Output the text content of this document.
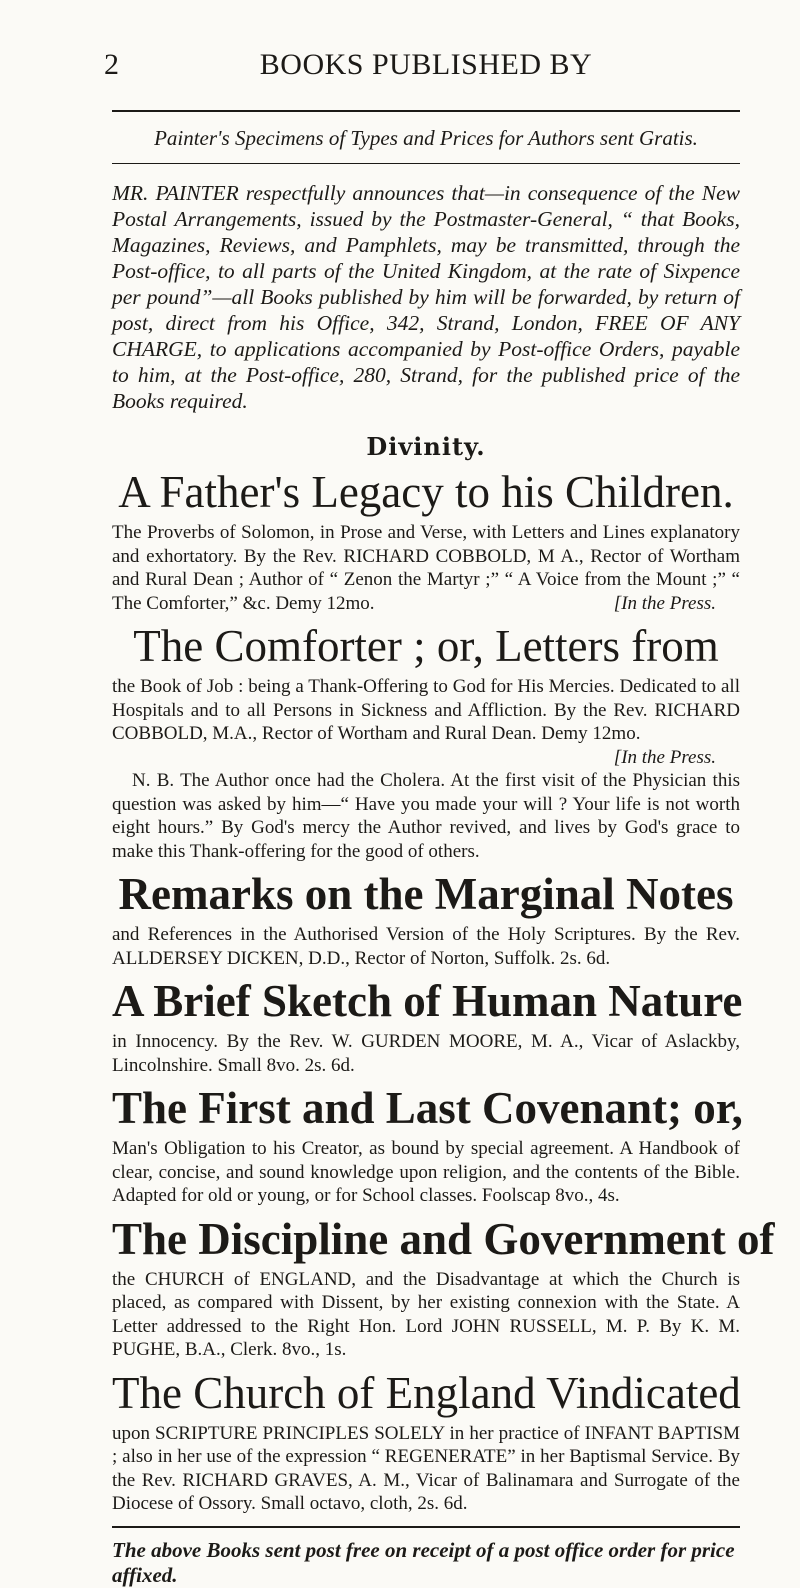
2	BOOKS PUBLISHED BY
Painter's Specimens of Types and Prices for Authors sent Gratis.

MR. PAINTER respectfully announces that—in consequence of the New Postal Arrangements, issued by the Postmaster-General, “ that Books, Magazines, Reviews, and Pamphlets, may be transmitted, through the Post-office, to all parts of the United Kingdom, at the rate of Sixpence per pound”—all Books published by him will be forwarded, by return of post, direct from his Office, 342, Strand, London, FREE OF ANY CHARGE, to applications accompanied by Post-office Orders, payable to him, at the Post-office, 280, Strand, for the published price of the Books required.

Divinity.
A Father's Legacy to his Children.
The Proverbs of Solomon, in Prose and Verse, with Letters and Lines explanatory and exhortatory. By the Rev. RICHARD COBBOLD, M A., Rector of Wortham and Rural Dean ; Author of “ Zenon the Martyr ;” “ A Voice from the Mount ;” “ The Comforter,” &c. Demy 12mo.	[In the Press.
The Comforter ; or, Letters from
the Book of Job : being a Thank-Offering to God for His Mercies. Dedicated to all Hospitals and to all Persons in Sickness and Affliction. By the Rev. RICHARD COBBOLD, M.A., Rector of Wortham and Rural Dean. Demy 12mo.
[In the Press.
N. B. The Author once had the Cholera. At the first visit of the Physician this question was asked by him—“ Have you made your will ? Your life is not worth eight hours.” By God's mercy the Author revived, and lives by God's grace to make this Thank-offering for the good of others.
Remarks on the Marginal Notes
and References in the Authorised Version of the Holy Scriptures. By the Rev. ALLDERSEY DICKEN, D.D., Rector of Norton, Suffolk. 2s. 6d.
A Brief Sketch of Human Nature
in Innocency. By the Rev. W. GURDEN MOORE, M. A., Vicar of Aslackby, Lincolnshire. Small 8vo. 2s. 6d.
The First and Last Covenant; or,
Man's Obligation to his Creator, as bound by special agreement. A Handbook of clear, concise, and sound knowledge upon religion, and the contents of the Bible. Adapted for old or young, or for School classes. Foolscap 8vo., 4s.
The Discipline and Government of
the CHURCH of ENGLAND, and the Disadvantage at which the Church is placed, as compared with Dissent, by her existing connexion with the State. A Letter addressed to the Right Hon. Lord JOHN RUSSELL, M. P. By K. M. PUGHE, B.A., Clerk. 8vo., 1s.
The Church of England Vindicated
upon SCRIPTURE PRINCIPLES SOLELY in her practice of INFANT BAPTISM ; also in her use of the expression “ REGENERATE” in her Baptismal Service. By the Rev. RICHARD GRAVES, A. M., Vicar of Balinamara and Surrogate of the Diocese of Ossory. Small octavo, cloth, 2s. 6d.
The above Books sent post free on receipt of a post office order for price affixed.
